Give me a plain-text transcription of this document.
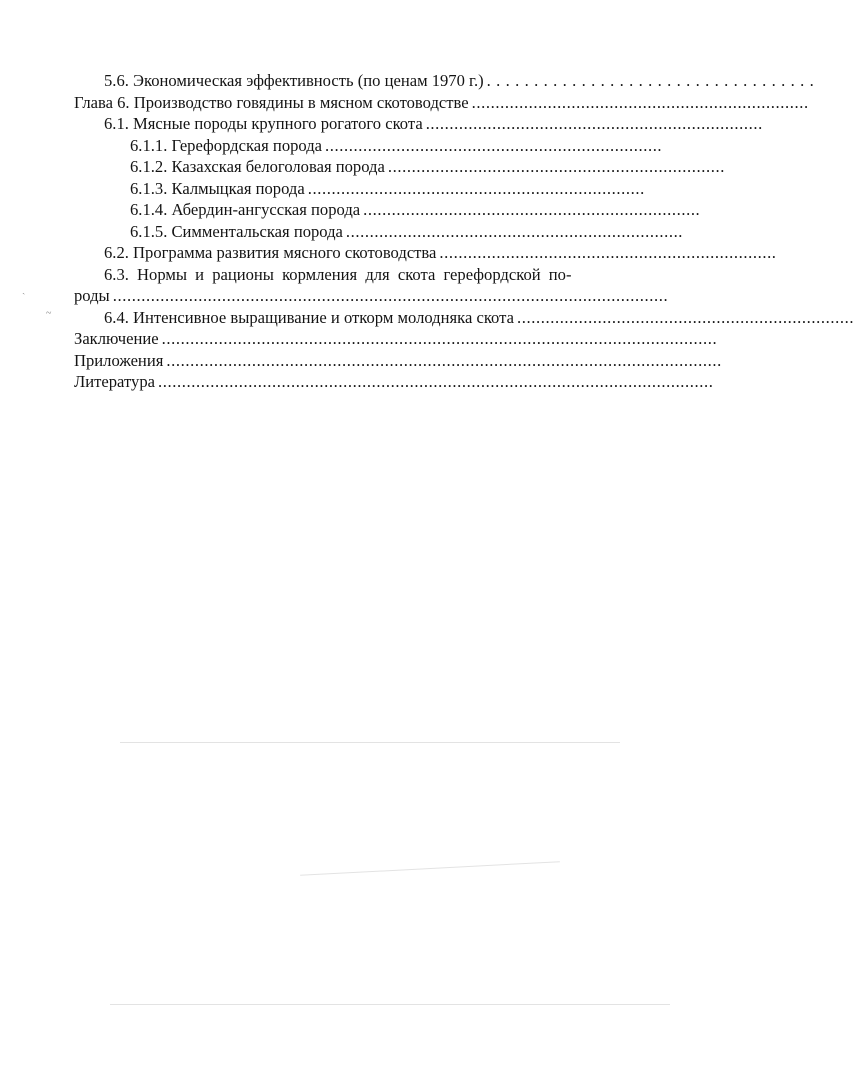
5.6. Экономическая эффективность (по ценам 1970 г.) . . . . . . . . . . . . . . . . . . . . . . . . . . . . . . . . . . .
Глава 6. Производство говядины в мясном скотоводстве .......................................................................
6.1. Мясные породы крупного рогатого скота .......................................................................
6.1.1. Герефордская порода .......................................................................
6.1.2. Казахская белоголовая порода .......................................................................
6.1.3. Калмыцкая порода .......................................................................
6.1.4. Абердин-ангусская порода .......................................................................
6.1.5. Симментальская порода .......................................................................
6.2. Программа развития мясного скотоводства .......................................................................
6.3. Нормы и рационы кормления для скота герефордской по-
роды .....................................................................................................................
6.4. Интенсивное выращивание и откорм молодняка скота .......................................................................
Заключение .....................................................................................................................
Приложения .....................................................................................................................
Литература .....................................................................................................................
ˎ
~
